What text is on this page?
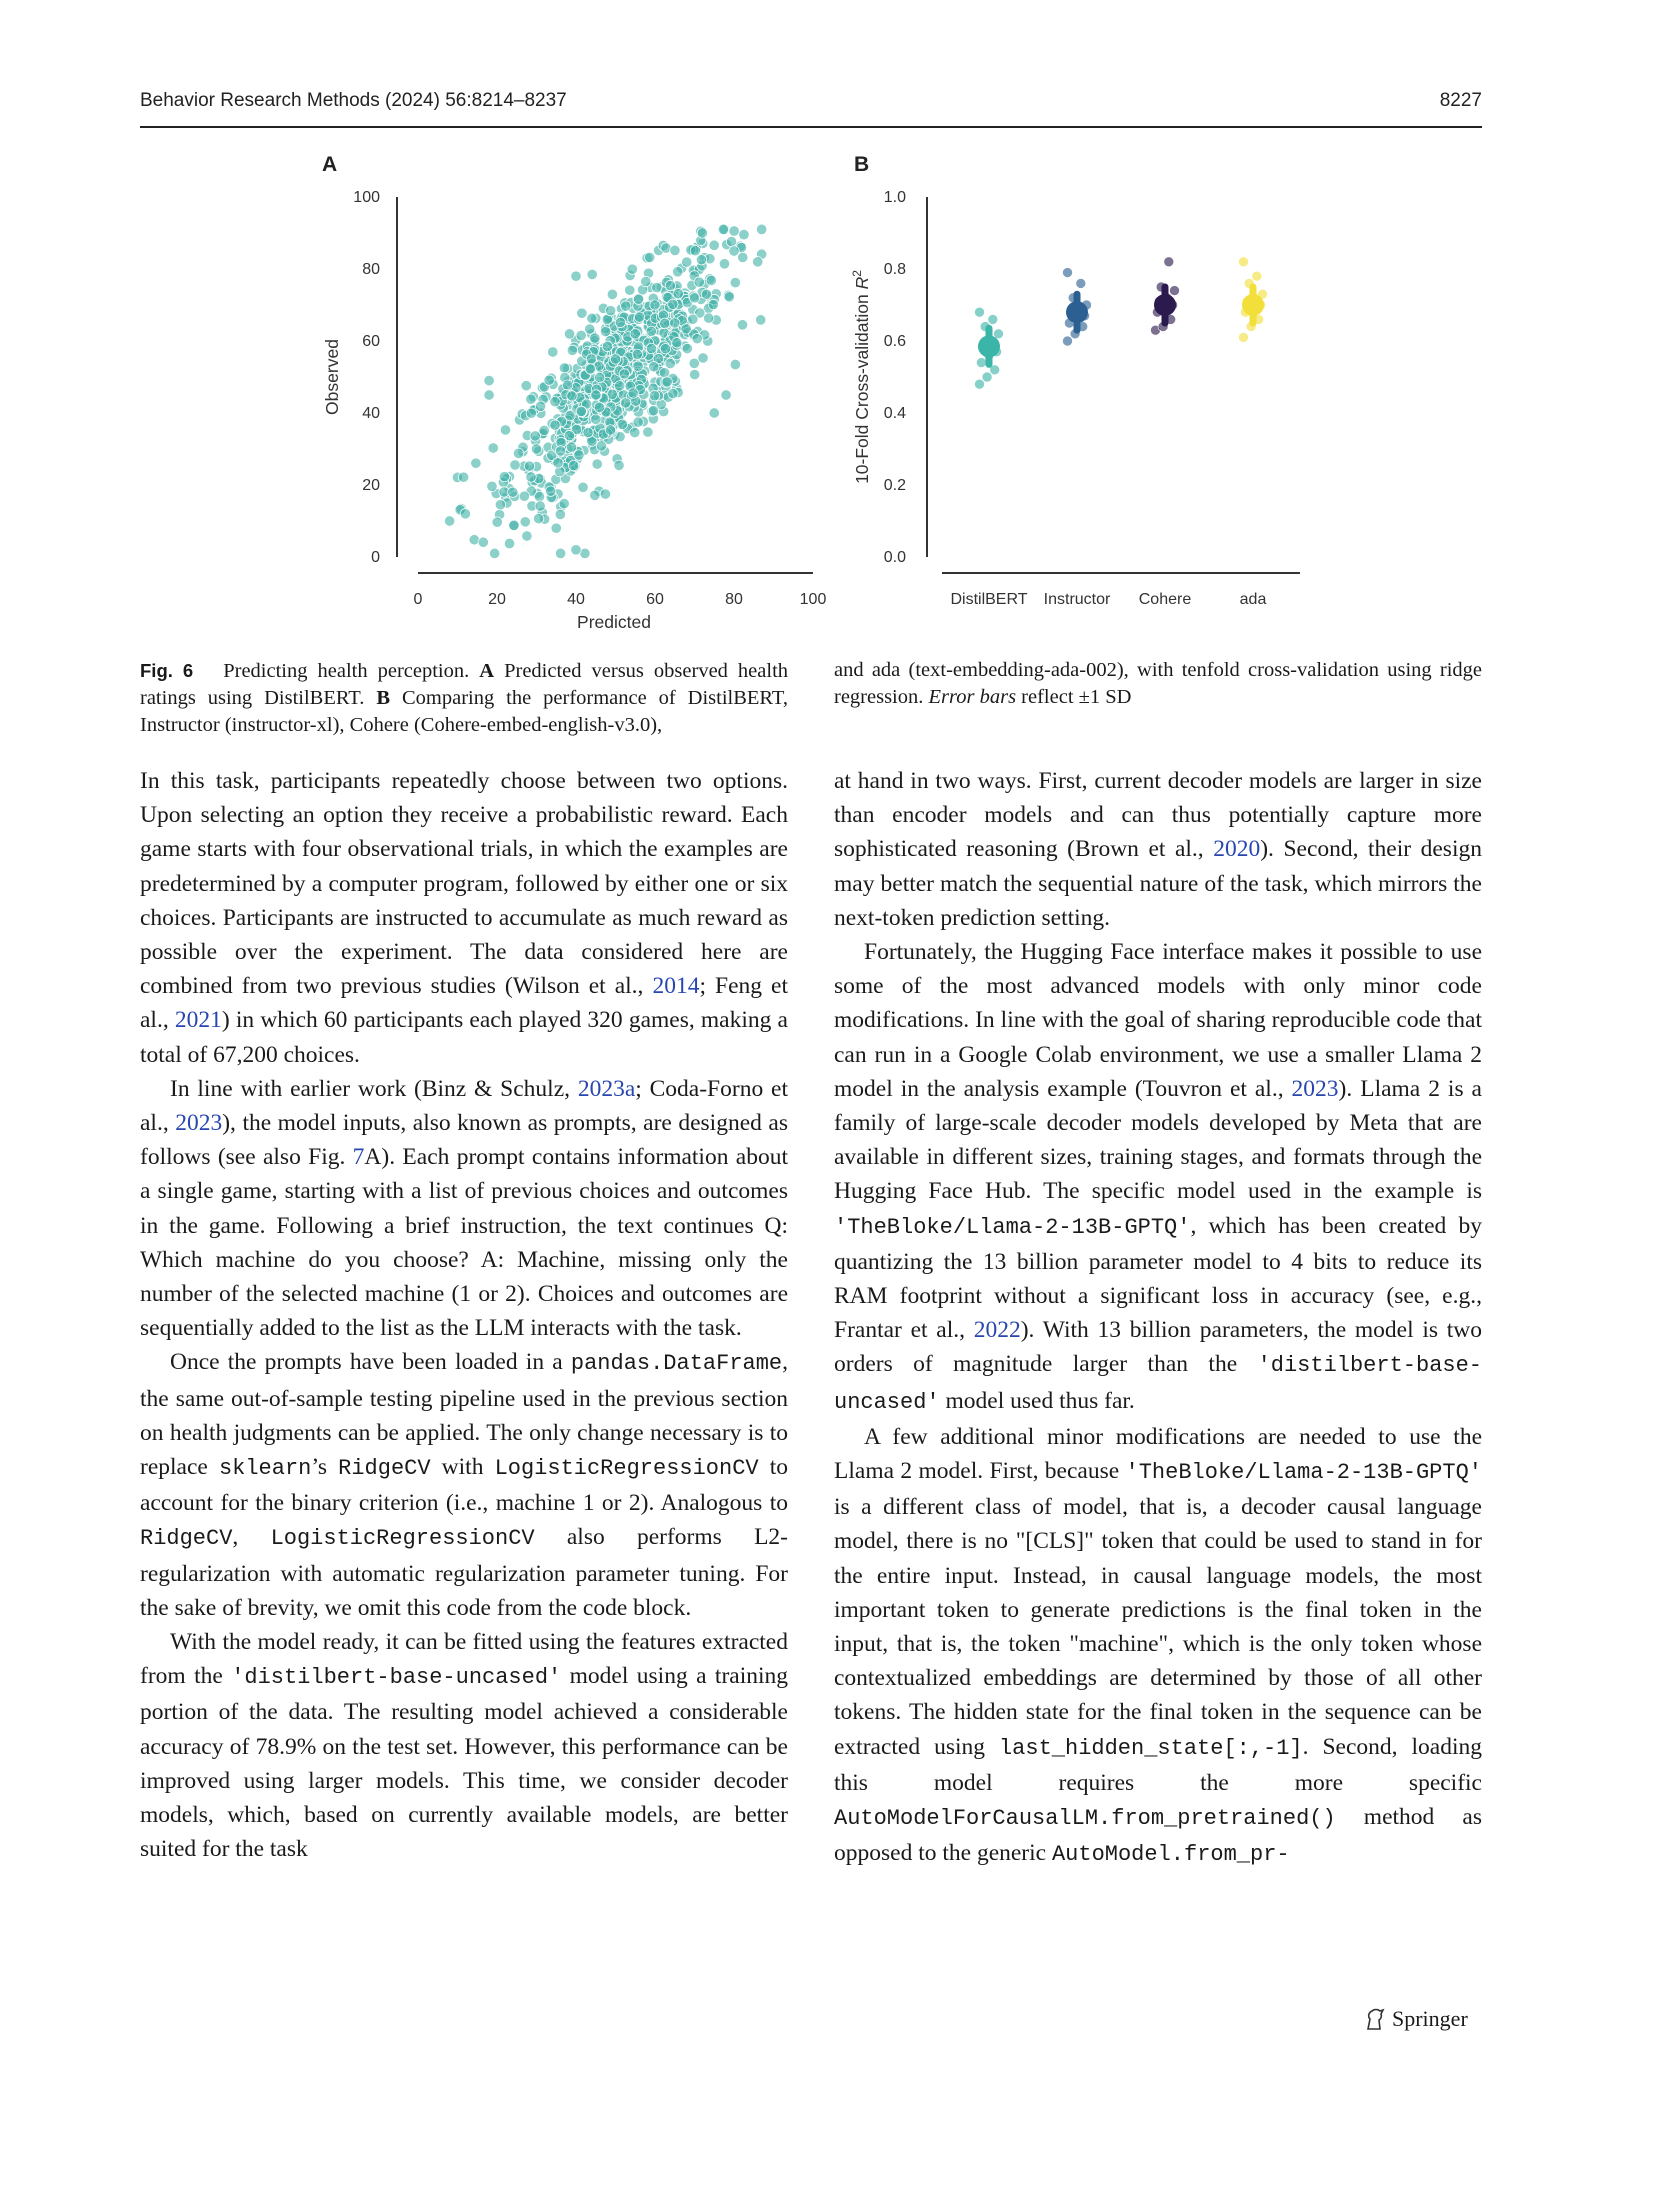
Behavior Research Methods (2024) 56:8214–8237	8227
A	B
0	20	40	60	80	100
0
20
40
60
80
100
Predicted
Observed
0.0
0.2
0.4
0.6
0.8
1.0
DistilBERT Instructor Cohere	ada
10-Fold Cross-validation $R^2$
Fig. 6 Predicting health perception. A Predicted versus observed health ratings using DistilBERT. B Comparing the performance of DistilBERT, Instructor (instructor-xl), Cohere (Cohere-embed-english-v3.0),
and ada (text-embedding-ada-002), with tenfold cross-validation using ridge regression. Error bars reflect ±1 SD

In this task, participants repeatedly choose between two options. Upon selecting an option they receive a probabilistic reward. Each game starts with four observational trials, in which the examples are predetermined by a computer program, followed by either one or six choices. Participants are instructed to accumulate as much reward as possible over the experiment. The data considered here are combined from two previous studies (Wilson et al., 2014; Feng et al., 2021) in which 60 participants each played 320 games, making a total of 67,200 choices.

In line with earlier work (Binz & Schulz, 2023a; Coda-Forno et al., 2023), the model inputs, also known as prompts, are designed as follows (see also Fig. 7A). Each prompt contains information about a single game, starting with a list of previous choices and outcomes in the game. Following a brief instruction, the text continues Q: Which machine do you choose? A: Machine, missing only the number of the selected machine (1 or 2). Choices and outcomes are sequentially added to the list as the LLM interacts with the task.

Once the prompts have been loaded in a pandas.DataFrame, the same out-of-sample testing pipeline used in the previous section on health judgments can be applied. The only change necessary is to replace sklearn’s RidgeCV with LogisticRegressionCV to account for the binary criterion (i.e., machine 1 or 2). Analogous to RidgeCV, LogisticRegressionCV also performs L2-regularization with automatic regularization parameter tuning. For the sake of brevity, we omit this code from the code block.

With the model ready, it can be fitted using the features extracted from the 'distilbert-base-uncased' model using a training portion of the data. The resulting model achieved a considerable accuracy of 78.9% on the test set. However, this performance can be improved using larger models. This time, we consider decoder models, which, based on currently available models, are better suited for the task

at hand in two ways. First, current decoder models are larger in size than encoder models and can thus potentially capture more sophisticated reasoning (Brown et al., 2020). Second, their design may better match the sequential nature of the task, which mirrors the next-token prediction setting.

Fortunately, the Hugging Face interface makes it possible to use some of the most advanced models with only minor code modifications. In line with the goal of sharing reproducible code that can run in a Google Colab environment, we use a smaller Llama 2 model in the analysis example (Touvron et al., 2023). Llama 2 is a family of large-scale decoder models developed by Meta that are available in different sizes, training stages, and formats through the Hugging Face Hub. The specific model used in the example is 'TheBloke/Llama-2-13B-GPTQ', which has been created by quantizing the 13 billion parameter model to 4 bits to reduce its RAM footprint without a significant loss in accuracy (see, e.g., Frantar et al., 2022). With 13 billion parameters, the model is two orders of magnitude larger than the 'distilbert-base-uncased' model used thus far.

A few additional minor modifications are needed to use the Llama 2 model. First, because 'TheBloke/Llama-2-13B-GPTQ' is a different class of model, that is, a decoder causal language model, there is no "[CLS]" token that could be used to stand in for the entire input. Instead, in causal language models, the most important token to generate predictions is the final token in the input, that is, the token "machine", which is the only token whose contextualized embeddings are determined by those of all other tokens. The hidden state for the final token in the sequence can be extracted using last_hidden_state[:,-1]. Second, loading this model requires the more specific AutoModelForCausalLM.from_pretrained() method as opposed to the generic AutoModel.from_pr-

Springer
